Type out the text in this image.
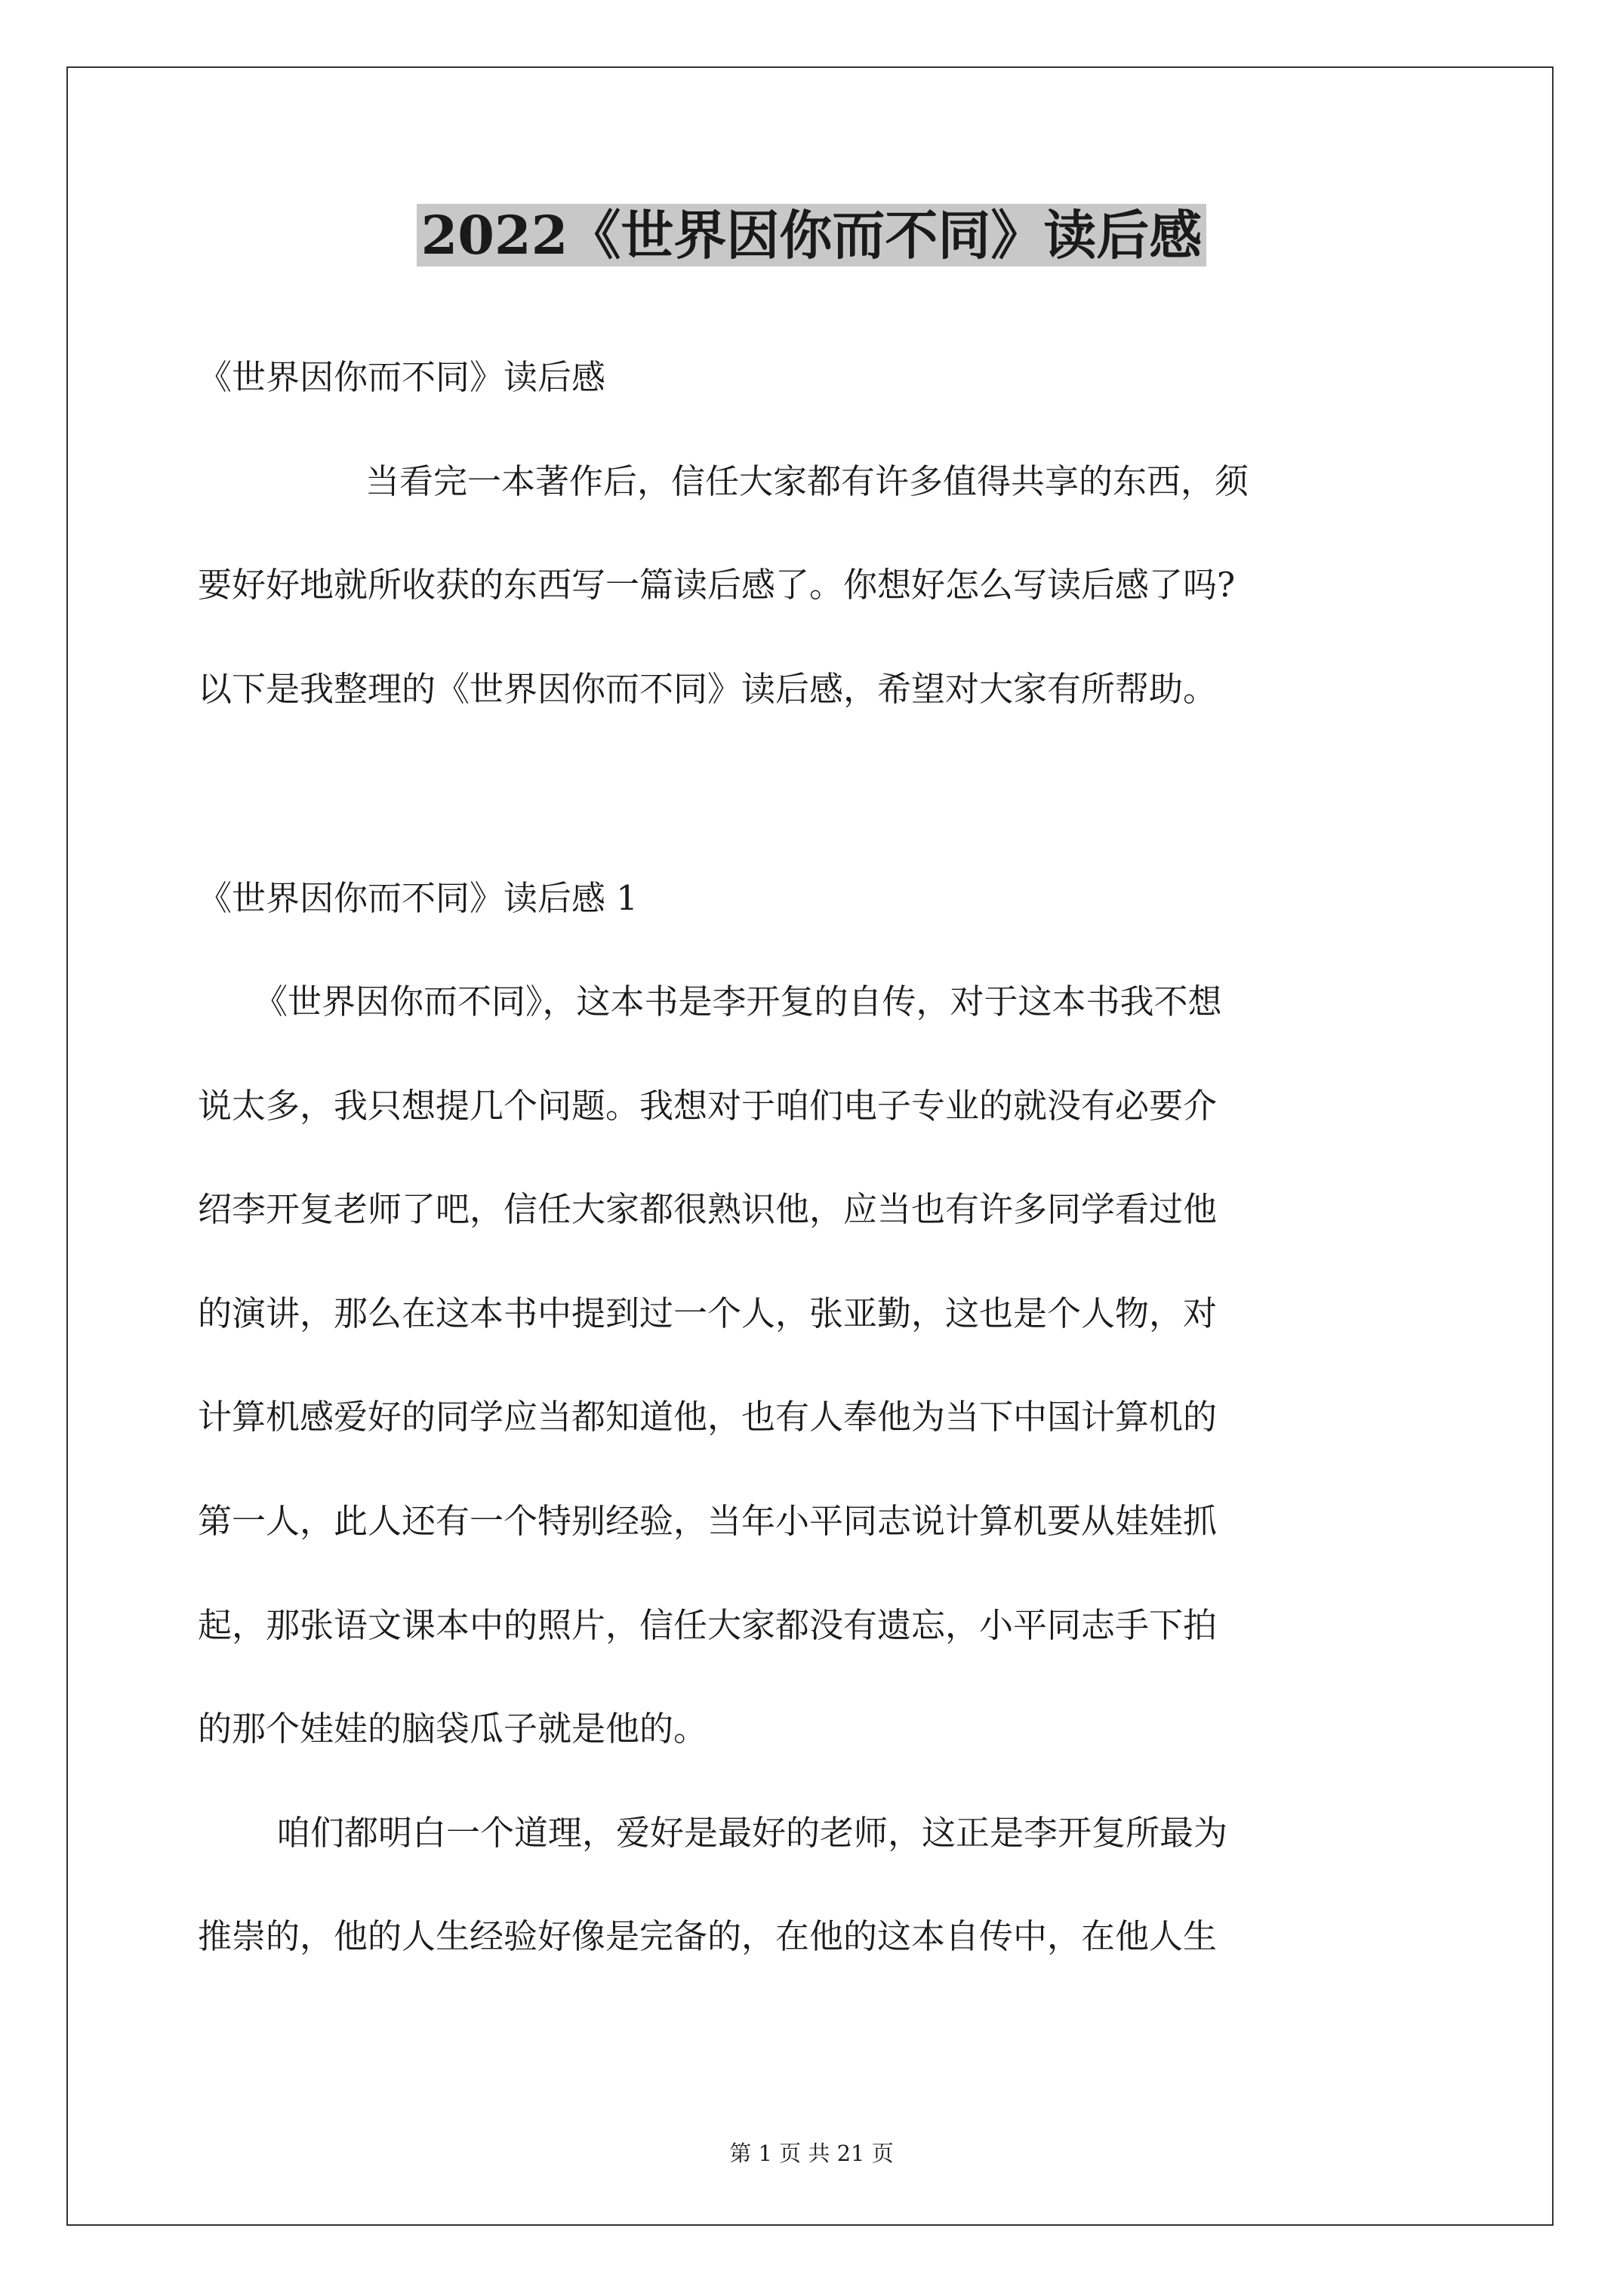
2022《世界因你而不同》读后感

《世界因你而不同》读后感

当看完一本著作后，信任大家都有许多值得共享的东西，须

要好好地就所收获的东西写一篇读后感了。你想好怎么写读后感了吗?

以下是我整理的《世界因你而不同》读后感，希望对大家有所帮助。

《世界因你而不同》读后感 1

《世界因你而不同》，这本书是李开复的自传，对于这本书我不想

说太多，我只想提几个问题。我想对于咱们电子专业的就没有必要介

绍李开复老师了吧，信任大家都很熟识他，应当也有许多同学看过他

的演讲，那么在这本书中提到过一个人，张亚勤，这也是个人物，对

计算机感爱好的同学应当都知道他，也有人奉他为当下中国计算机的

第一人，此人还有一个特别经验，当年小平同志说计算机要从娃娃抓

起，那张语文课本中的照片，信任大家都没有遗忘，小平同志手下拍

的那个娃娃的脑袋瓜子就是他的。

咱们都明白一个道理，爱好是最好的老师，这正是李开复所最为

推崇的，他的人生经验好像是完备的，在他的这本自传中，在他人生

第 1 页 共 21 页
